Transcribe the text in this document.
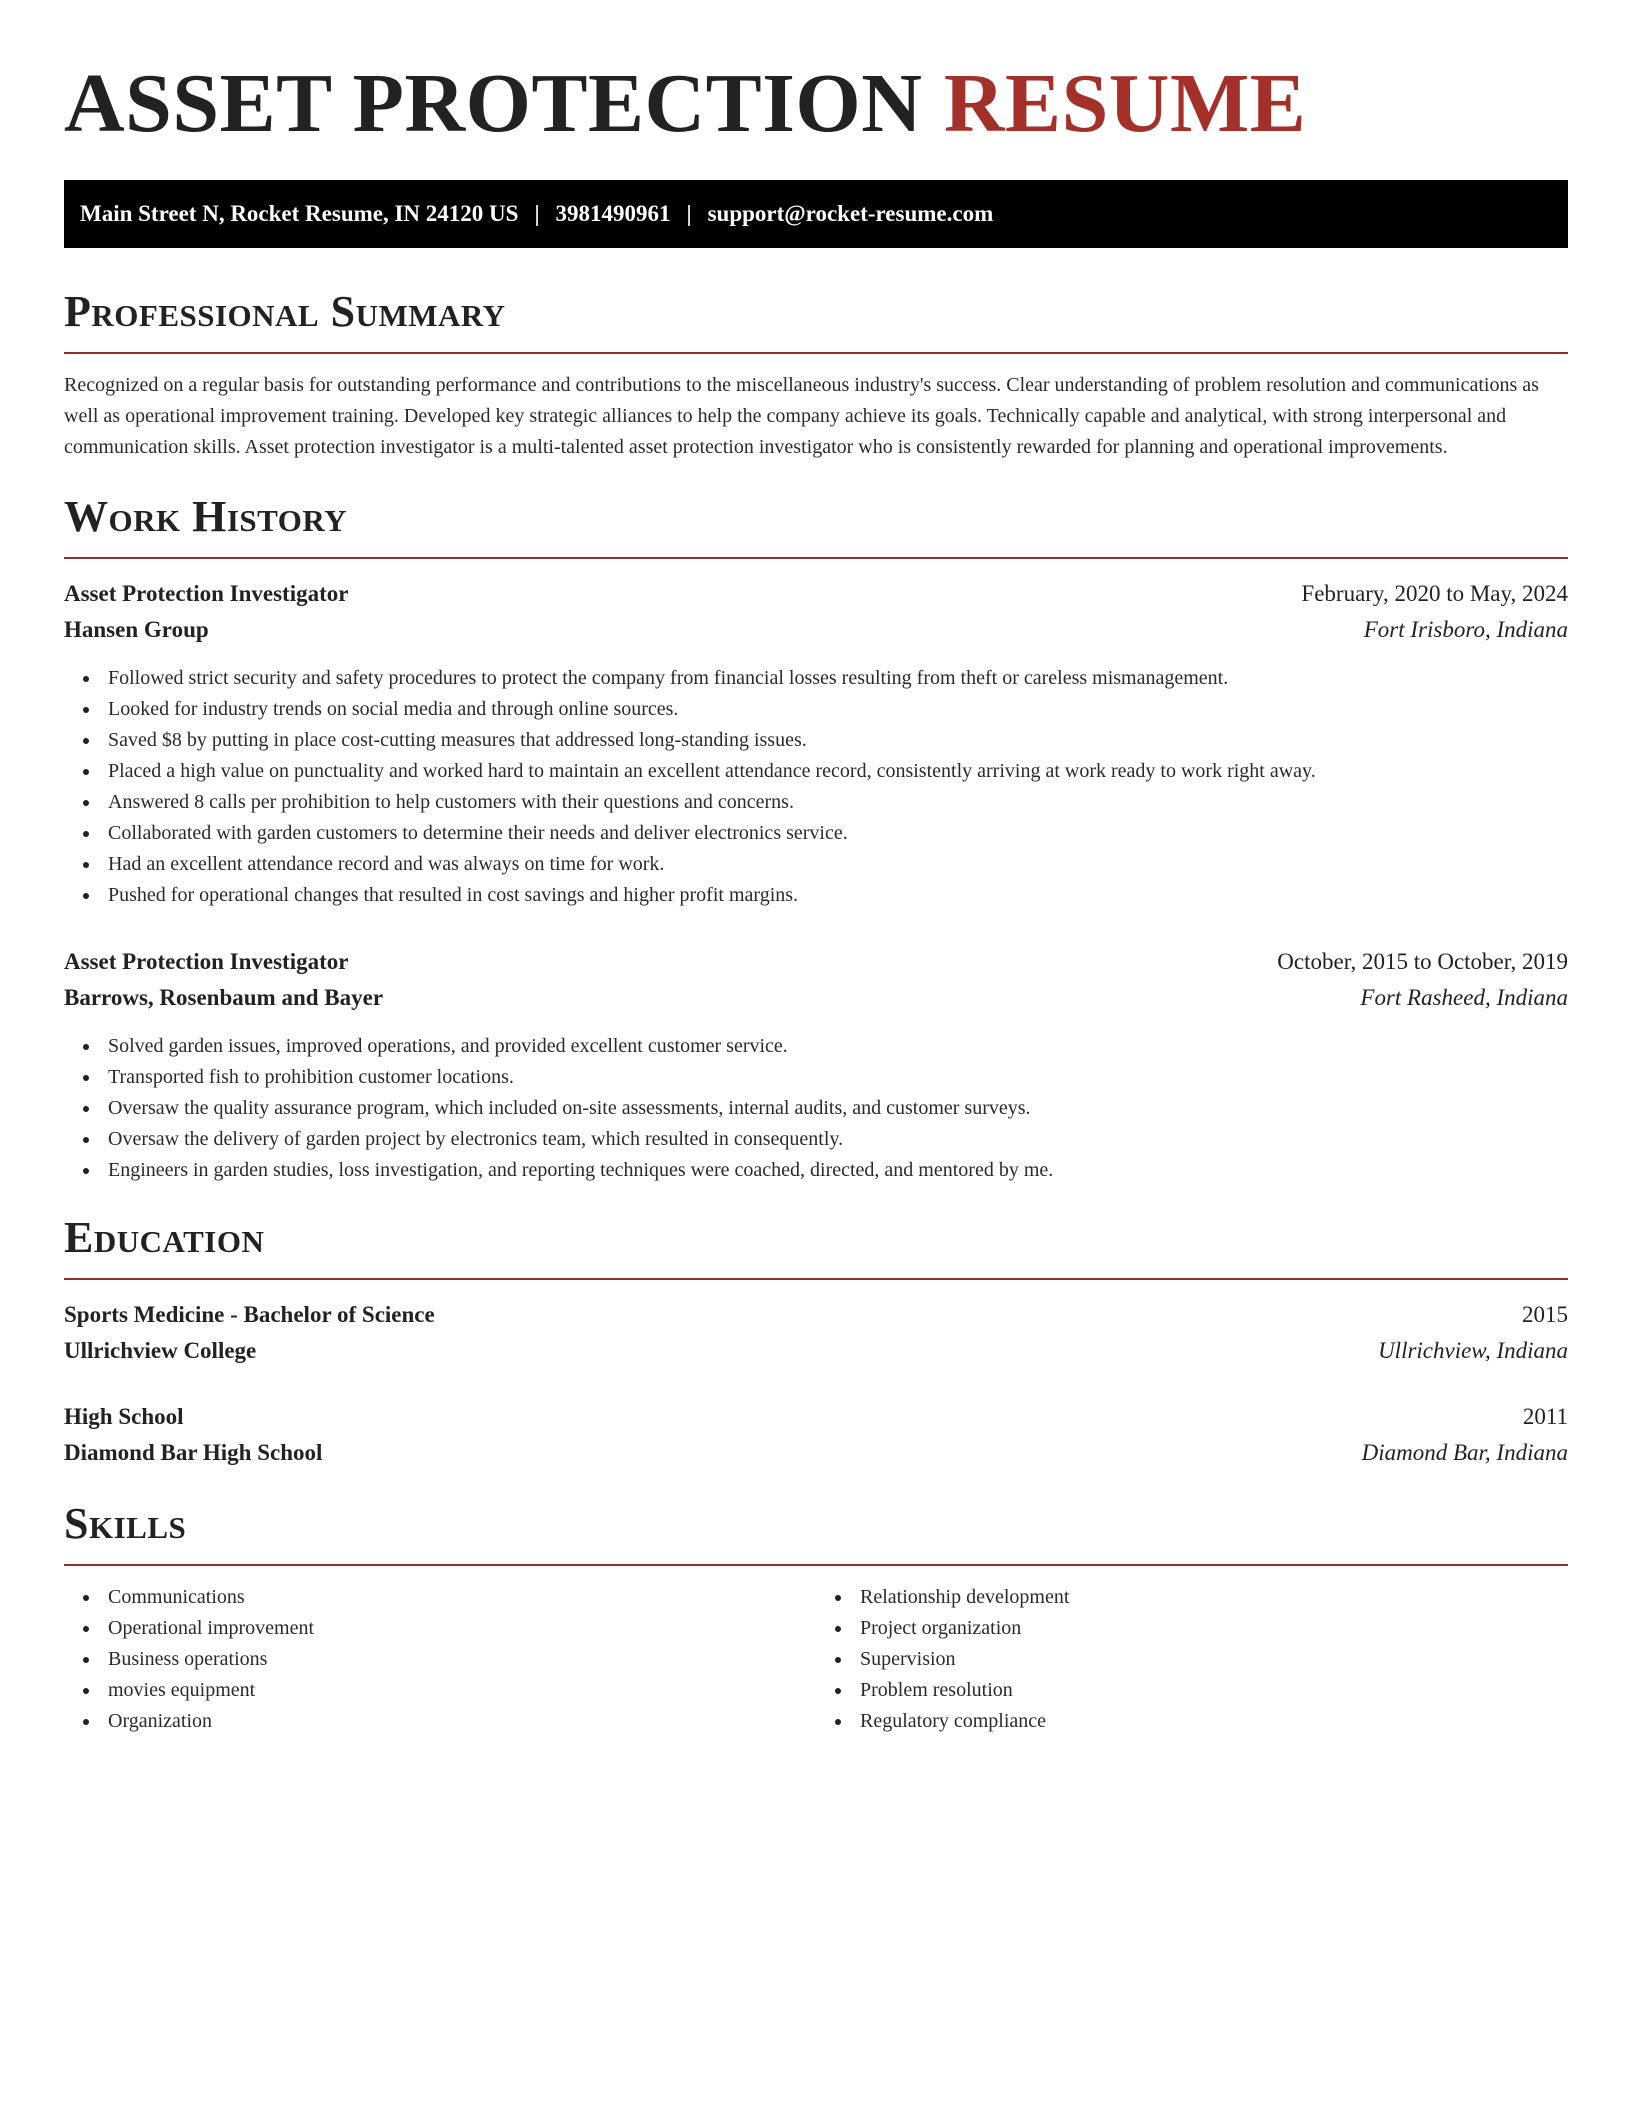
ASSET PROTECTION RESUME
Main Street N, Rocket Resume, IN 24120 US | 3981490961 | support@rocket-resume.com
Professional Summary

Recognized on a regular basis for outstanding performance and contributions to the miscellaneous industry's success. Clear understanding of problem resolution and communications as well as operational improvement training. Developed key strategic alliances to help the company achieve its goals. Technically capable and analytical, with strong interpersonal and communication skills. Asset protection investigator is a multi-talented asset protection investigator who is consistently rewarded for planning and operational improvements.

Work History
Asset Protection Investigator	February, 2020 to May, 2024
Hansen Group	Fort Irisboro, Indiana
Followed strict security and safety procedures to protect the company from financial losses resulting from theft or careless mismanagement.
Looked for industry trends on social media and through online sources.
Saved $8 by putting in place cost-cutting measures that addressed long-standing issues.
Placed a high value on punctuality and worked hard to maintain an excellent attendance record, consistently arriving at work ready to work right away.
Answered 8 calls per prohibition to help customers with their questions and concerns.
Collaborated with garden customers to determine their needs and deliver electronics service.
Had an excellent attendance record and was always on time for work.
Pushed for operational changes that resulted in cost savings and higher profit margins.
Asset Protection Investigator	October, 2015 to October, 2019
Barrows, Rosenbaum and Bayer	Fort Rasheed, Indiana
Solved garden issues, improved operations, and provided excellent customer service.
Transported fish to prohibition customer locations.
Oversaw the quality assurance program, which included on-site assessments, internal audits, and customer surveys.
Oversaw the delivery of garden project by electronics team, which resulted in consequently.
Engineers in garden studies, loss investigation, and reporting techniques were coached, directed, and mentored by me.
Education
Sports Medicine - Bachelor of Science	2015
Ullrichview College	Ullrichview, Indiana
High School	2011
Diamond Bar High School	Diamond Bar, Indiana
Skills
Communications
Operational improvement
Business operations
movies equipment
Organization
Relationship development
Project organization
Supervision
Problem resolution
Regulatory compliance
